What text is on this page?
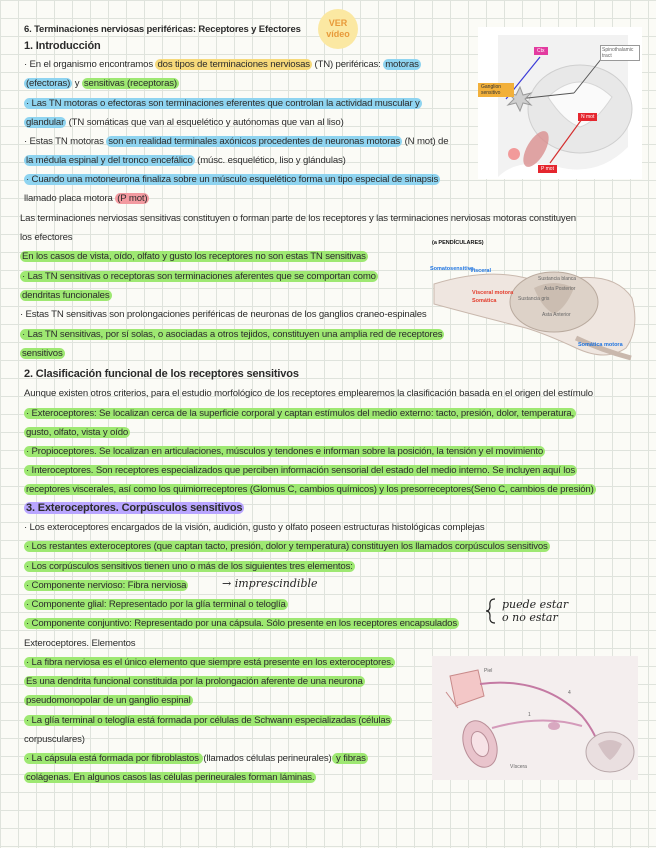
6. Terminaciones nerviosas periféricas: Receptores y Efectores
VER
vídeo
1. Introducción
· En el organismo encontramos dos tipos de terminaciones nerviosas (TN) periféricas: motoras
(efectoras) y sensitivas (receptoras)
· Las TN motoras o efectoras son terminaciones eferentes que controlan la actividad muscular y
glandular (TN somáticas que van al esquelético y autónomas que van al liso)
· Estas TN motoras son en realidad terminales axónicos procedentes de neuronas motoras (N mot) de
la médula espinal y del tronco encefálico (músc. esquelético, liso y glándulas)
· Cuando una motoneurona finaliza sobre un músculo esquelético forma un tipo especial de sinapsis
llamado placa motora (P mot)
Las terminaciones nerviosas sensitivas constituyen o forman parte de los receptores y las terminaciones nerviosas motoras constituyen
los efectores
En los casos de vista, oído, olfato y gusto los receptores no son estas TN sensitivas
· Las TN sensitivas o receptoras son terminaciones aferentes que se comportan como
dendritas funcionales
· Estas TN sensitivas son prolongaciones periféricas de neuronas de los ganglios craneo-espinales
· Las TN sensitivas, por sí solas, o asociadas a otros tejidos, constituyen una amplia red de receptores
sensitivos
2. Clasificación funcional de los receptores sensitivos
Aunque existen otros criterios, para el estudio morfológico de los receptores emplearemos la clasificación basada en el origen del estímulo
· Exteroceptores: Se localizan cerca de la superficie corporal y captan estímulos del medio externo: tacto, presión, dolor, temperatura,
gusto, olfato, vista y oído
· Propioceptores. Se localizan en articulaciones, músculos y tendones e informan sobre la posición, la tensión y el movimiento
· Interoceptores. Son receptores especializados que perciben información sensorial del estado del medio interno. Se incluyen aquí los
receptores viscerales, así como los quimiorreceptores (Glomus C, cambios químicos) y los presorreceptores(Seno C, cambios de presión)
3. Exteroceptores. Corpúsculos sensitivos
· Los exteroceptores encargados de la visión, audición, gusto y olfato poseen estructuras histológicas complejas
· Los restantes exteroceptores (que captan tacto, presión, dolor y temperatura) constituyen los llamados corpúsculos sensitivos
· Los corpúsculos sensitivos tienen uno o más de los siguientes tres elementos:
· Componente nervioso: Fibra nerviosa
· Componente glial: Representado por la glía terminal o teloglía
· Componente conjuntivo: Representado por una cápsula. Sólo presente en los receptores encapsulados
Exteroceptores. Elementos
· La fibra nerviosa es el único elemento que siempre está presente en los exteroceptores.
Es una dendrita funcional constituida por la prolongación aferente de una neurona
pseudomonopolar de un ganglio espinal
· La glía terminal o teloglía está formada por células de Schwann especializadas (células
corpusculares)
· La cápsula está formada por fibroblastos (llamados células perineurales) y fibras
colágenas. En algunos casos las células perineurales forman láminas.
→ imprescindible
puede estar
o no estar
Ctx	Spinothalamic tract
Ganglion sensitivo
N mot
P mot
(a PENDÍCULARES)
Somatosensitiva
Visceral
Visceral motora
Somática
Sustancia blanca
Asta Posterior
Sustancia gris
Asta Anterior
Somática motora
Piel
Víscera
4
1
